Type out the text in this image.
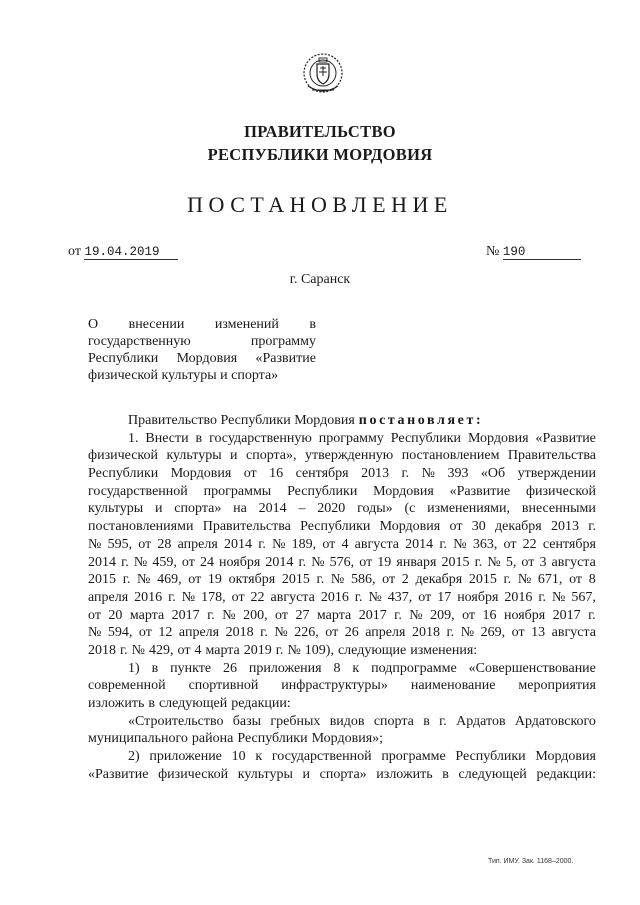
ПРАВИТЕЛЬСТВО
РЕСПУБЛИКИ МОРДОВИЯ
ПОСТАНОВЛЕНИЕ
от 19.04.2019	№ 190
г. Саранск
О внесении изменений в
государственную	программу
Республики Мордовия «Развитие
физической культуры и спорта»
Правительство Республики Мордовия постановляет:
1. Внести в государственную программу Республики Мордовия «Развитие
физической культуры и спорта», утвержденную постановлением Правительства
Республики Мордовия от 16 сентября 2013 г. № 393 «Об утверждении
государственной программы Республики Мордовия «Развитие физической
культуры и спорта» на 2014 – 2020 годы» (с изменениями, внесенными
постановлениями Правительства Республики Мордовия от 30 декабря 2013 г.
№ 595, от 28 апреля 2014 г. № 189, от 4 августа 2014 г. № 363, от 22 сентября
2014 г. № 459, от 24 ноября 2014 г. № 576, от 19 января 2015 г. № 5, от 3 августа
2015 г. № 469, от 19 октября 2015 г. № 586, от 2 декабря 2015 г. № 671, от 8
апреля 2016 г. № 178, от 22 августа 2016 г. № 437, от 17 ноября 2016 г. № 567,
от 20 марта 2017 г. № 200, от 27 марта 2017 г. № 209, от 16 ноября 2017 г.
№ 594, от 12 апреля 2018 г. № 226, от 26 апреля 2018 г. № 269, от 13 августа
2018 г. № 429, от 4 марта 2019 г. № 109), следующие изменения:
1) в пункте 26 приложения 8 к подпрограмме «Совершенствование
современной спортивной инфраструктуры» наименование мероприятия
изложить в следующей редакции:
«Строительство базы гребных видов спорта в г. Ардатов Ардатовского
муниципального района Республики Мордовия»;
2) приложение 10 к государственной программе Республики Мордовия
«Развитие физической культуры и спорта» изложить в следующей редакции:
Тип. ИМУ. Зак. 1168–2000.
